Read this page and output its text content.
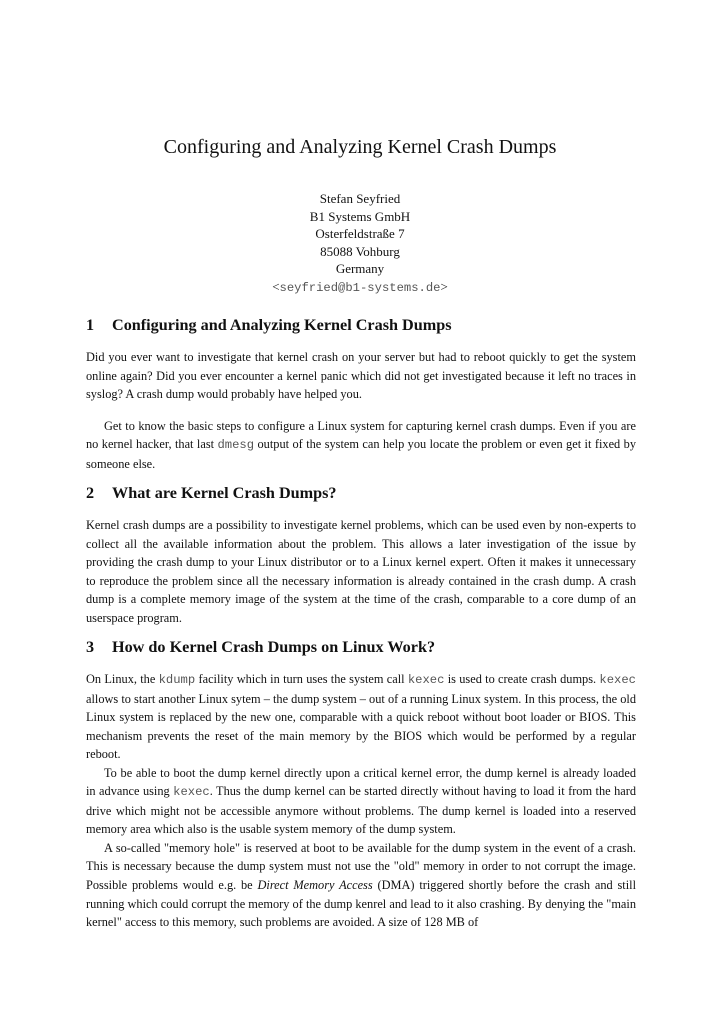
Configuring and Analyzing Kernel Crash Dumps
Stefan Seyfried
B1 Systems GmbH
Osterfeldstraße 7
85088 Vohburg
Germany
<seyfried@b1-systems.de>
1 Configuring and Analyzing Kernel Crash Dumps

Did you ever want to investigate that kernel crash on your server but had to reboot quickly to get the system online again? Did you ever encounter a kernel panic which did not get investigated because it left no traces in syslog? A crash dump would probably have helped you.

Get to know the basic steps to configure a Linux system for capturing kernel crash dumps. Even if you are no kernel hacker, that last dmesg output of the system can help you locate the problem or even get it fixed by someone else.

2 What are Kernel Crash Dumps?

Kernel crash dumps are a possibility to investigate kernel problems, which can be used even by non-experts to collect all the available information about the problem. This allows a later investigation of the issue by providing the crash dump to your Linux distributor or to a Linux kernel expert. Often it makes it unnecessary to reproduce the problem since all the necessary information is already contained in the crash dump. A crash dump is a complete memory image of the system at the time of the crash, comparable to a core dump of an userspace program.

3 How do Kernel Crash Dumps on Linux Work?

On Linux, the kdump facility which in turn uses the system call kexec is used to create crash dumps. kexec allows to start another Linux sytem – the dump system – out of a running Linux system. In this process, the old Linux system is replaced by the new one, comparable with a quick reboot without boot loader or BIOS. This mechanism prevents the reset of the main memory by the BIOS which would be performed by a regular reboot.

To be able to boot the dump kernel directly upon a critical kernel error, the dump kernel is already loaded in advance using kexec. Thus the dump kernel can be started directly without having to load it from the hard drive which might not be accessible anymore without problems. The dump kernel is loaded into a reserved memory area which also is the usable system memory of the dump system.

A so-called "memory hole" is reserved at boot to be available for the dump system in the event of a crash. This is necessary because the dump system must not use the "old" memory in order to not corrupt the image. Possible problems would e.g. be Direct Memory Access (DMA) triggered shortly before the crash and still running which could corrupt the memory of the dump kenrel and lead to it also crashing. By denying the "main kernel" access to this memory, such problems are avoided. A size of 128 MB of
